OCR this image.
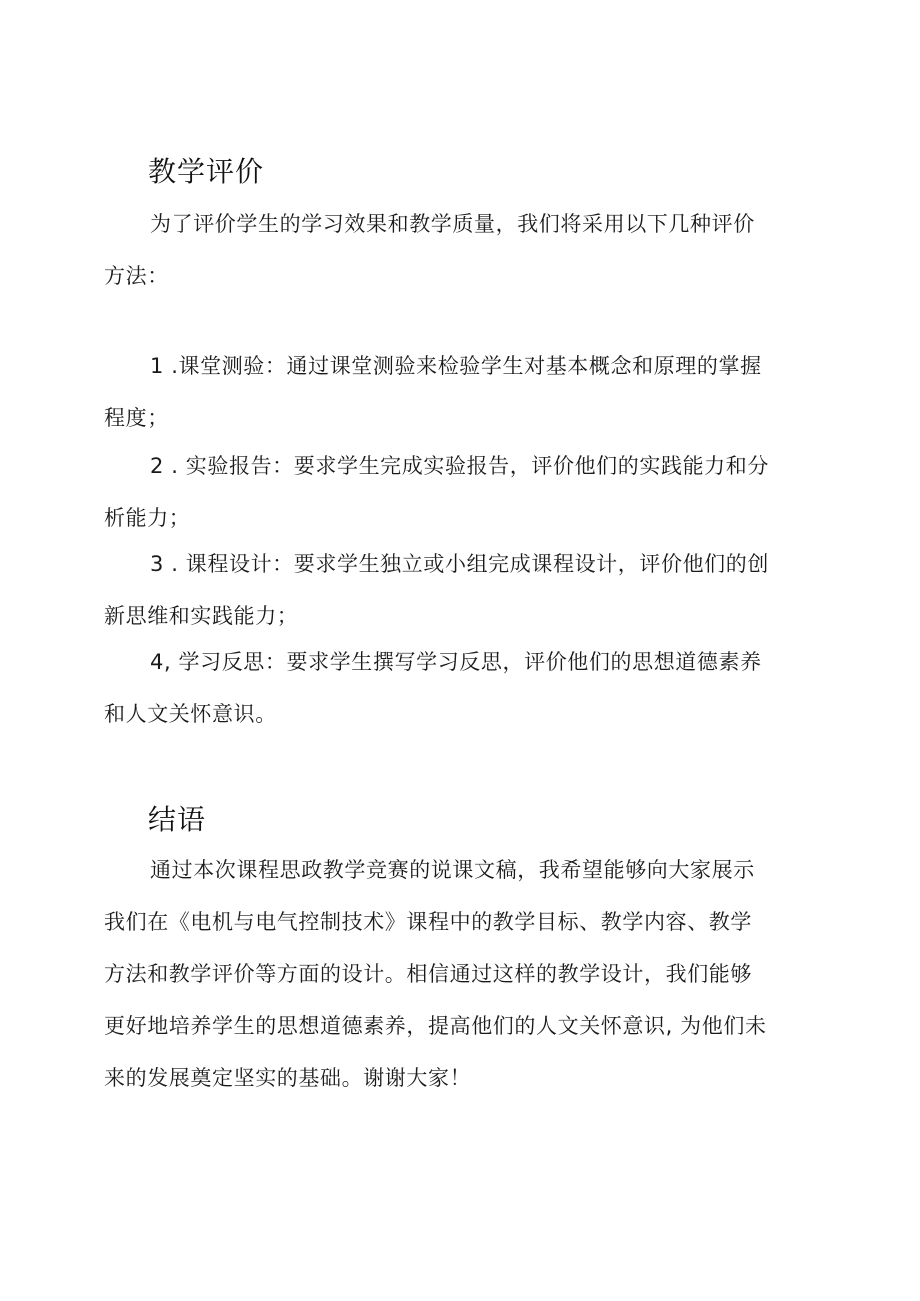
教学评价

为了评价学生的学习效果和教学质量，我们将采用以下几种评价
方法：

1 .课堂测验：通过课堂测验来检验学生对基本概念和原理的掌握
程度；

2 . 实验报告：要求学生完成实验报告，评价他们的实践能力和分
析能力；

3 . 课程设计：要求学生独立或小组完成课程设计，评价他们的创
新思维和实践能力；

4, 学习反思：要求学生撰写学习反思，评价他们的思想道德素养
和人文关怀意识。

结语

通过本次课程思政教学竞赛的说课文稿，我希望能够向大家展示
我们在《电机与电气控制技术》课程中的教学目标、教学内容、教学
方法和教学评价等方面的设计。相信通过这样的教学设计，我们能够
更好地培养学生的思想道德素养，提高他们的人文关怀意识, 为他们未
来的发展奠定坚实的基础。谢谢大家！
